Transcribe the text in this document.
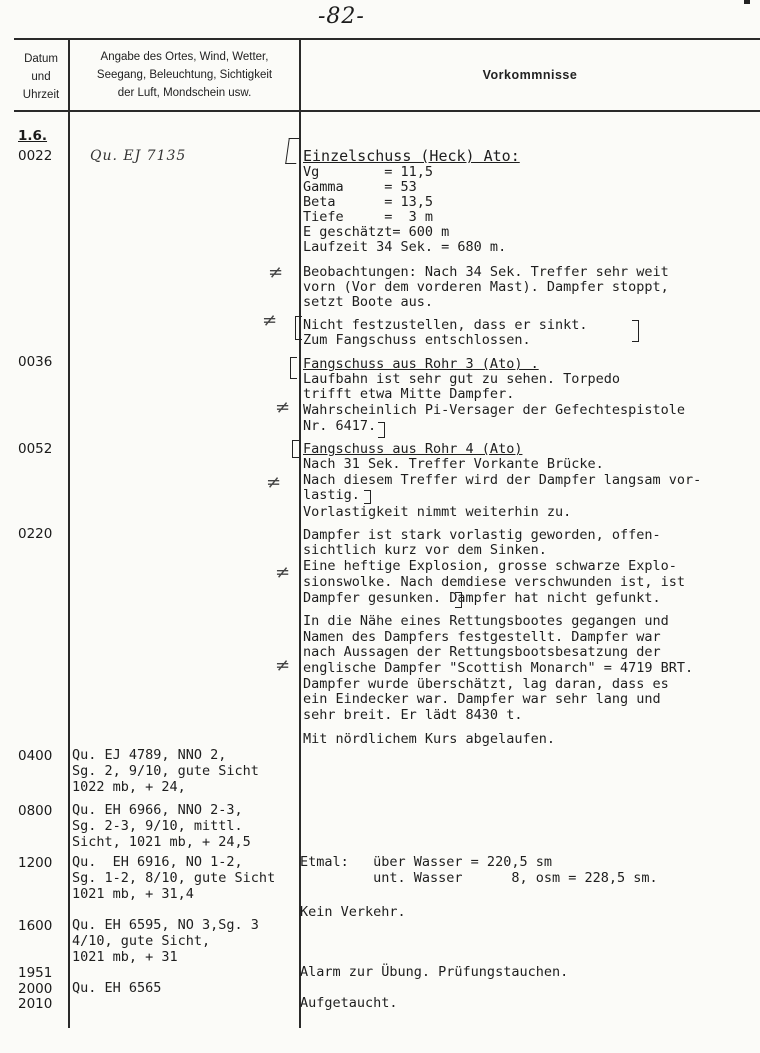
-82-
Datum
und
Uhrzeit
Angabe des Ortes, Wind, Wetter,
Seegang, Beleuchtung, Sichtigkeit
der Luft, Mondschein usw.
Vorkommnisse
1.6.
0022
0036
0052
0220
0400
0800
1200
1600
1951
2000
2010
Qu. EJ 7135
Qu. EJ 4789, NNO 2,
Sg. 2, 9/10, gute Sicht
1022 mb, + 24,
Qu. EH 6966, NNO 2-3,
Sg. 2-3, 9/10, mittl.
Sicht, 1021 mb, + 24,5
Qu.  EH 6916, NO 1-2,
Sg. 1-2, 8/10, gute Sicht
1021 mb, + 31,4
Qu. EH 6595, NO 3,Sg. 3
4/10, gute Sicht,
1021 mb, + 31
Qu. EH 6565
≠
≠
≠
≠
≠
≠
Einzelschuss (Heck) Ato:
Vg        = 11,5
Gamma     = 53
Beta      = 13,5
Tiefe     =  3 m
E geschätzt= 600 m
Laufzeit 34 Sek. = 680 m.
Beobachtungen: Nach 34 Sek. Treffer sehr weit
vorn (Vor dem vorderen Mast). Dampfer stoppt,
setzt Boote aus.
Nicht festzustellen, dass er sinkt.
Zum Fangschuss entschlossen.
Fangschuss aus Rohr 3 (Ato) .
Laufbahn ist sehr gut zu sehen. Torpedo
trifft etwa Mitte Dampfer.
Wahrscheinlich Pi-Versager der Gefechtespistole
Nr. 6417.
Fangschuss aus Rohr 4 (Ato)
Nach 31 Sek. Treffer Vorkante Brücke.
Nach diesem Treffer wird der Dampfer langsam vor-
lastig.
Vorlastigkeit nimmt weiterhin zu.
Dampfer ist stark vorlastig geworden, offen-
sichtlich kurz vor dem Sinken.
Eine heftige Explosion, grosse schwarze Explo-
sionswolke. Nach demdiese verschwunden ist, ist
Dampfer gesunken. Dampfer hat nicht gefunkt.
In die Nähe eines Rettungsbootes gegangen und
Namen des Dampfers festgestellt. Dampfer war
nach Aussagen der Rettungsbootsbesatzung der
englische Dampfer "Scottish Monarch" = 4719 BRT.
Dampfer wurde überschätzt, lag daran, dass es
ein Eindecker war. Dampfer war sehr lang und
sehr breit. Er lädt 8430 t.
Mit nördlichem Kurs abgelaufen.
Etmal:   über Wasser = 220,5 sm
unt. Wasser      8, osm = 228,5 sm.
Kein Verkehr.
Alarm zur Übung. Prüfungstauchen.
Aufgetaucht.
